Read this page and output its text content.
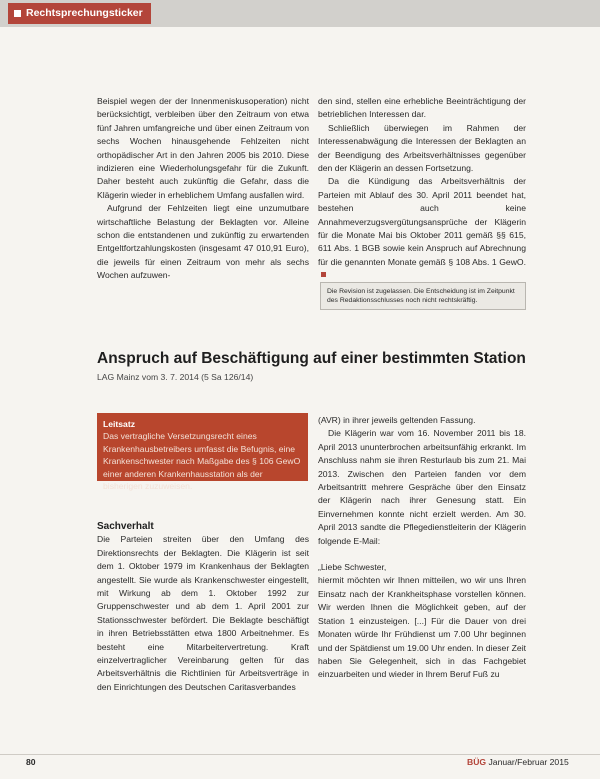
Rechtsprechungsticker

Beispiel wegen der der Innenmeniskusoperation) nicht berücksichtigt, verbleiben über den Zeitraum von etwa fünf Jahren umfangreiche und über einen Zeitraum von sechs Wochen hinausgehende Fehlzeiten nicht orthopädischer Art in den Jahren 2005 bis 2010. Diese indizieren eine Wiederholungsgefahr für die Zukunft. Daher besteht auch zukünftig die Gefahr, dass die Klägerin wieder in erheblichem Umfang ausfallen wird.

Aufgrund der Fehlzeiten liegt eine unzumutbare wirtschaftliche Belastung der Beklagten vor. Alleine schon die entstandenen und zukünftig zu erwartenden Entgeltfortzahlungskosten (insgesamt 47 010,91 Euro), die jeweils für einen Zeitraum von mehr als sechs Wochen aufzuwen-

den sind, stellen eine erhebliche Beeinträchtigung der betrieblichen Interessen dar.

Schließlich überwiegen im Rahmen der Interessenabwägung die Interessen der Beklagten an der Beendigung des Arbeitsverhältnisses gegenüber den der Klägerin an dessen Fortsetzung.

Da die Kündigung das Arbeitsverhältnis der Parteien mit Ablauf des 30. April 2011 beendet hat, bestehen auch keine Annahmeverzugsvergütungsansprüche der Klägerin für die Monate Mai bis Oktober 2011 gemäß §§ 615, 611 Abs. 1 BGB sowie kein Anspruch auf Abrechnung für die genannten Monate gemäß § 108 Abs. 1 GewO.

Die Revision ist zugelassen. Die Entscheidung ist im Zeitpunkt des Redaktionsschlusses noch nicht rechtskräftig.
Anspruch auf Beschäftigung auf einer bestimmten Station
LAG Mainz vom 3. 7. 2014 (5 Sa 126/14)
Leitsatz
Das vertragliche Versetzungsrecht eines Krankenhausbetreibers umfasst die Befugnis, eine Krankenschwester nach Maßgabe des § 106 GewO einer anderen Krankenhausstation als der bisherigen zuzuweisen.

Sachverhalt

Die Parteien streiten über den Umfang des Direktionsrechts der Beklagten. Die Klägerin ist seit dem 1. Oktober 1979 im Krankenhaus der Beklagten angestellt. Sie wurde als Krankenschwester eingestellt, mit Wirkung ab dem 1. Oktober 1992 zur Gruppenschwester und ab dem 1. April 2001 zur Stationsschwester befördert. Die Beklagte beschäftigt in ihren Betriebsstätten etwa 1800 Arbeitnehmer. Es besteht eine Mitarbeitervertretung. Kraft einzelvertraglicher Vereinbarung gelten für das Arbeitsverhältnis die Richtlinien für Arbeitsverträge in den Einrichtungen des Deutschen Caritasverbandes

(AVR) in ihrer jeweils geltenden Fassung.

Die Klägerin war vom 16. November 2011 bis 18. April 2013 ununterbrochen arbeitsunfähig erkrankt. Im Anschluss nahm sie ihren Resturlaub bis zum 21. Mai 2013. Zwischen den Parteien fanden vor dem Arbeitsantritt mehrere Gespräche über den Einsatz der Klägerin nach ihrer Genesung statt. Ein Einvernehmen konnte nicht erzielt werden. Am 30. April 2013 sandte die Pflegedienstleiterin der Klägerin folgende E-Mail:

„Liebe Schwester,

hiermit möchten wir Ihnen mitteilen, wo wir uns Ihren Einsatz nach der Krankheitsphase vorstellen können. Wir werden Ihnen die Möglichkeit geben, auf der Station 1 einzusteigen. [...] Für die Dauer von drei Monaten würde Ihr Frühdienst um 7.00 Uhr beginnen und der Spätdienst um 19.00 Uhr enden. In dieser Zeit haben Sie Gelegenheit, sich in das Fachgebiet einzuarbeiten und wieder in Ihrem Beruf Fuß zu

80	BÜG Januar/Februar 2015
